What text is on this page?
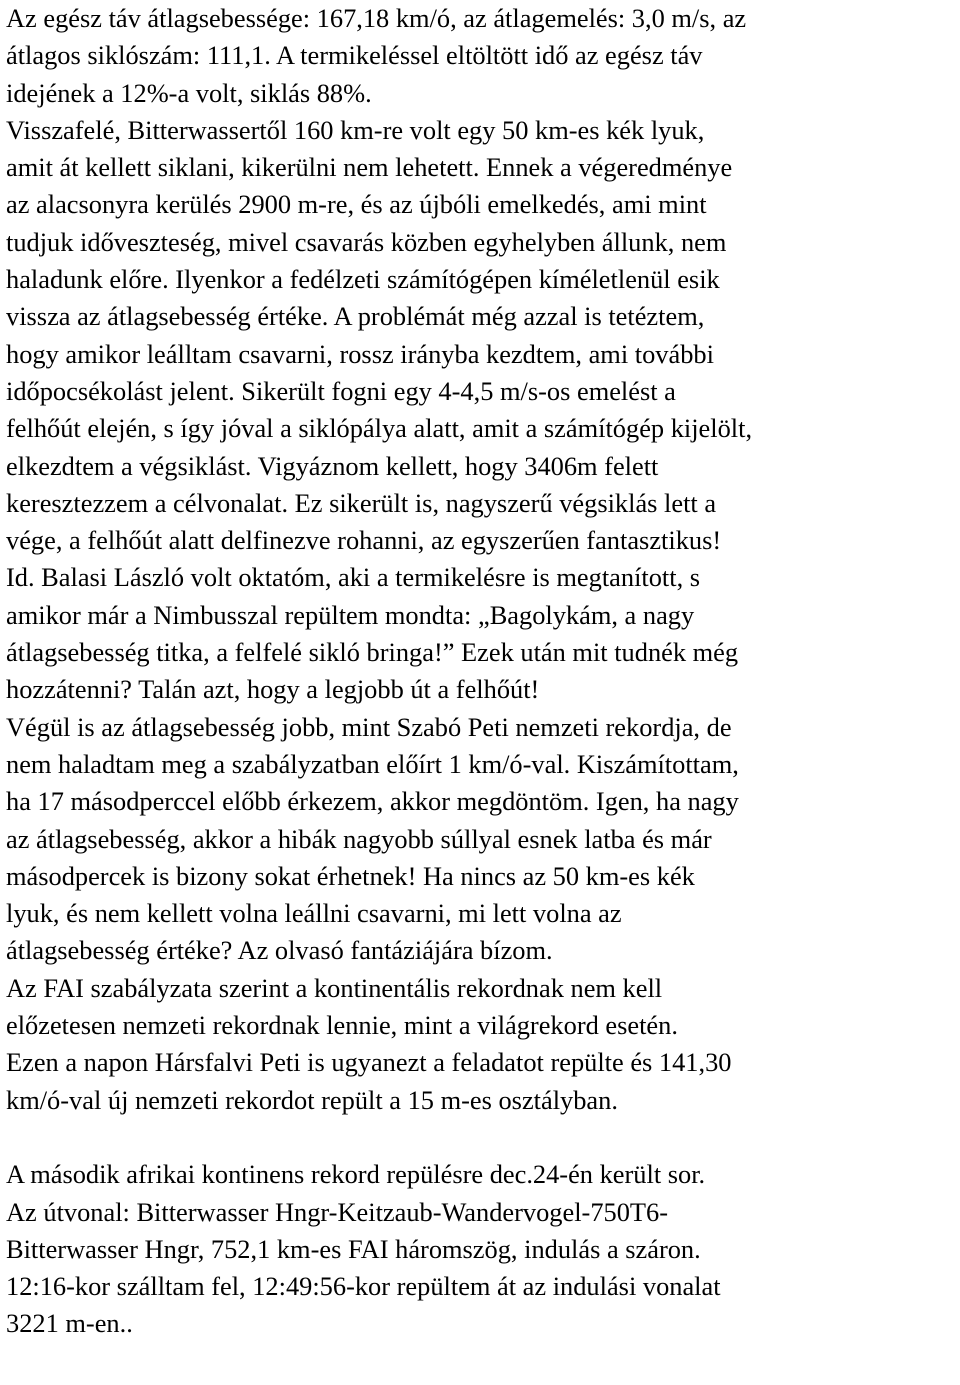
Az egész táv átlagsebessége: 167,18 km/ó, az átlagemelés: 3,0 m/s, az
átlagos siklószám: 111,1. A termikeléssel eltöltött idő az egész táv
idejének a 12%-a volt, siklás 88%.
Visszafelé, Bitterwassertől 160 km-re volt egy 50 km-es kék lyuk,
amit át kellett siklani, kikerülni nem lehetett. Ennek a végeredménye
az alacsonyra kerülés 2900 m-re, és az újbóli emelkedés, ami mint
tudjuk időveszteség, mivel csavarás közben egyhelyben állunk, nem
haladunk előre. Ilyenkor a fedélzeti számítógépen kíméletlenül esik
vissza az átlagsebesség értéke. A problémát még azzal is tetéztem,
hogy amikor leálltam csavarni, rossz irányba kezdtem, ami további
időpocsékolást jelent. Sikerült fogni egy 4-4,5 m/s-os emelést a
felhőút elején, s így jóval a siklópálya alatt, amit a számítógép kijelölt,
elkezdtem a végsiklást. Vigyáznom kellett, hogy 3406m felett
keresztezzem a célvonalat. Ez sikerült is, nagyszerű végsiklás lett a
vége, a felhőút alatt delfinezve rohanni, az egyszerűen fantasztikus!
Id. Balasi László volt oktatóm, aki a termikelésre is megtanított, s
amikor már a Nimbusszal repültem mondta: „Bagolykám, a nagy
átlagsebesség titka, a felfelé sikló bringa!” Ezek után mit tudnék még
hozzátenni? Talán azt, hogy a legjobb út a felhőút!
Végül is az átlagsebesség jobb, mint Szabó Peti nemzeti rekordja, de
nem haladtam meg a szabályzatban előírt 1 km/ó-val. Kiszámítottam,
ha 17 másodperccel előbb érkezem, akkor megdöntöm. Igen, ha nagy
az átlagsebesség, akkor a hibák nagyobb súllyal esnek latba és már
másodpercek is bizony sokat érhetnek! Ha nincs az 50 km-es kék
lyuk, és nem kellett volna leállni csavarni, mi lett volna az
átlagsebesség értéke? Az olvasó fantáziájára bízom.
Az FAI szabályzata szerint a kontinentális rekordnak nem kell
előzetesen nemzeti rekordnak lennie, mint a világrekord esetén.
Ezen a napon Hársfalvi Peti is ugyanezt a feladatot repülte és 141,30
km/ó-val új nemzeti rekordot repült a 15 m-es osztályban.
A második afrikai kontinens rekord repülésre dec.24-én került sor.
Az útvonal: Bitterwasser Hngr-Keitzaub-Wandervogel-750T6-
Bitterwasser Hngr, 752,1 km-es FAI háromszög, indulás a száron.
12:16-kor szálltam fel, 12:49:56-kor repültem át az indulási vonalat
3221 m-en..
